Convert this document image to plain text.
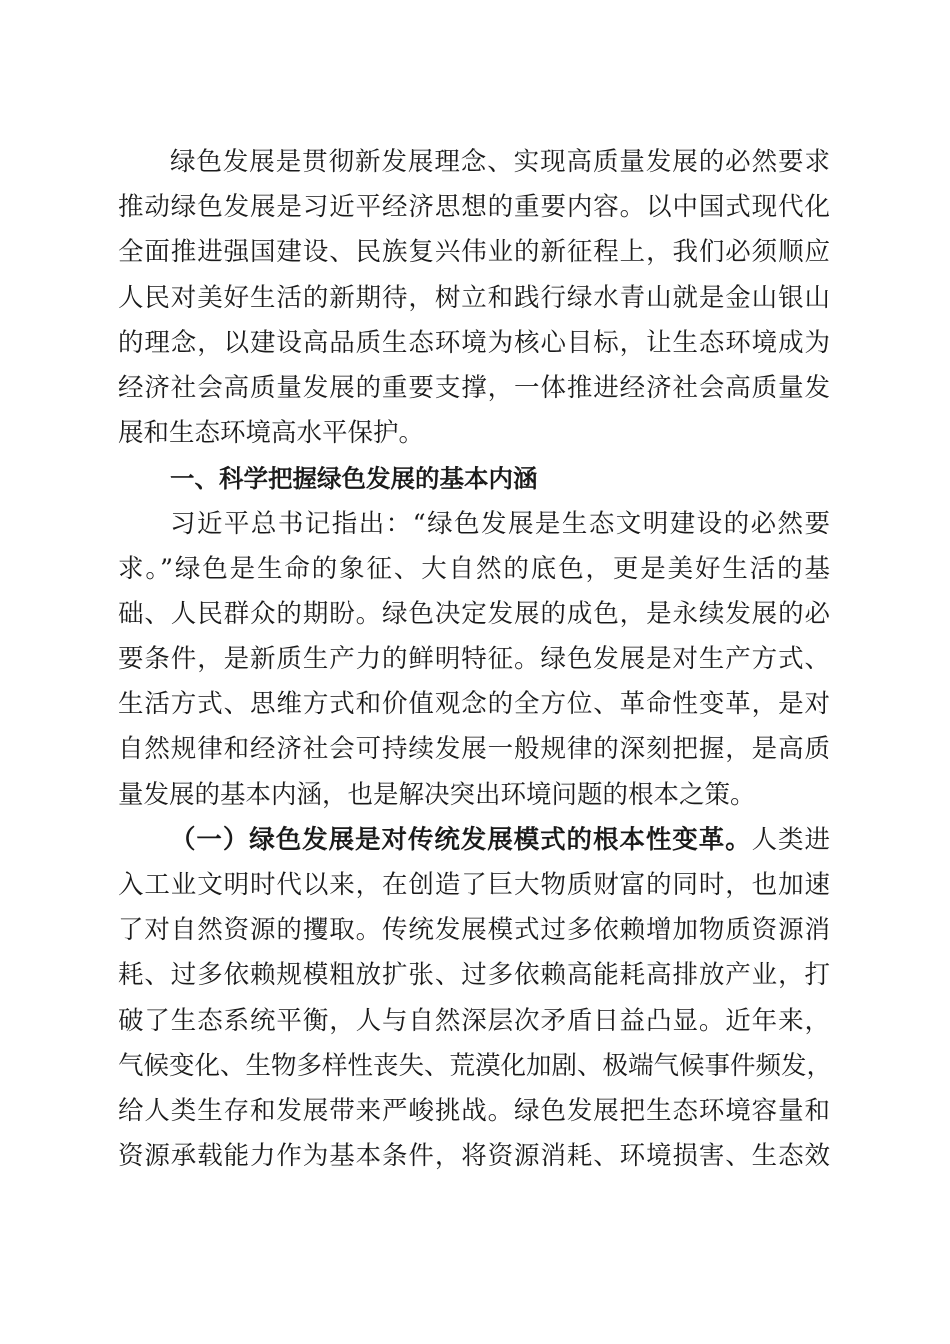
绿色发展是贯彻新发展理念、实现高质量发展的必然要求
推动绿色发展是习近平经济思想的重要内容。以中国式现代化
全面推进强国建设、民族复兴伟业的新征程上，我们必须顺应
人民对美好生活的新期待，树立和践行绿水青山就是金山银山
的理念，以建设高品质生态环境为核心目标，让生态环境成为
经济社会高质量发展的重要支撑，一体推进经济社会高质量发
展和生态环境高水平保护。
一、科学把握绿色发展的基本内涵
习近平总书记指出：“绿色发展是生态文明建设的必然要
求。”绿色是生命的象征、大自然的底色，更是美好生活的基
础、人民群众的期盼。绿色决定发展的成色，是永续发展的必
要条件，是新质生产力的鲜明特征。绿色发展是对生产方式、
生活方式、思维方式和价值观念的全方位、革命性变革，是对
自然规律和经济社会可持续发展一般规律的深刻把握，是高质
量发展的基本内涵，也是解决突出环境问题的根本之策。
（一）绿色发展是对传统发展模式的根本性变革。人类进
入工业文明时代以来，在创造了巨大物质财富的同时，也加速
了对自然资源的攫取。传统发展模式过多依赖增加物质资源消
耗、过多依赖规模粗放扩张、过多依赖高能耗高排放产业，打
破了生态系统平衡，人与自然深层次矛盾日益凸显。近年来，
气候变化、生物多样性丧失、荒漠化加剧、极端气候事件频发，
给人类生存和发展带来严峻挑战。绿色发展把生态环境容量和
资源承载能力作为基本条件，将资源消耗、环境损害、生态效
